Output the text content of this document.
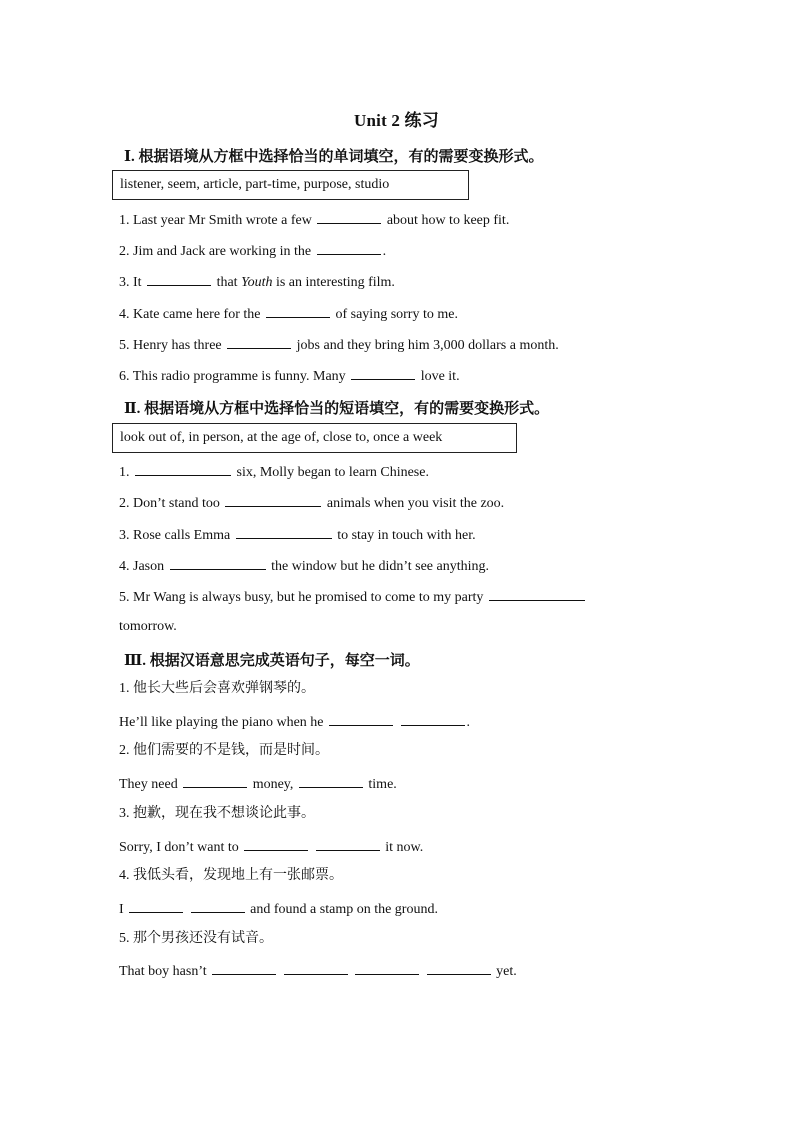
Unit 2 练习
Ⅰ. 根据语境从方框中选择恰当的单词填空，有的需要变换形式。
listener, seem, article, part-time, purpose, studio
1. Last year Mr Smith wrote a few	about how to keep fit.
2. Jim and Jack are working in the	.
3. It	that Youth is an interesting film.
4. Kate came here for the	of saying sorry to me.
5. Henry has three	jobs and they bring him 3,000 dollars a month.
6. This radio programme is funny. Many	love it.
Ⅱ. 根据语境从方框中选择恰当的短语填空，有的需要变换形式。
look out of, in person, at the age of, close to, once a week
1.	six, Molly began to learn Chinese.
2. Don’t stand too	animals when you visit the zoo.
3. Rose calls Emma	to stay in touch with her.
4. Jason	the window but he didn’t see anything.
5. Mr Wang is always busy, but he promised to come to my party
tomorrow.
Ⅲ. 根据汉语意思完成英语句子，每空一词。
1. 他长大些后会喜欢弹钢琴的。
He’ll like playing the piano when he	.
2. 他们需要的不是钱，而是时间。
They need	money,	time.
3. 抱歉，现在我不想谈论此事。
Sorry, I don’t want to	it now.
4. 我低头看，发现地上有一张邮票。
I	and found a stamp on the ground.
5. 那个男孩还没有试音。
That boy hasn’t	yet.
